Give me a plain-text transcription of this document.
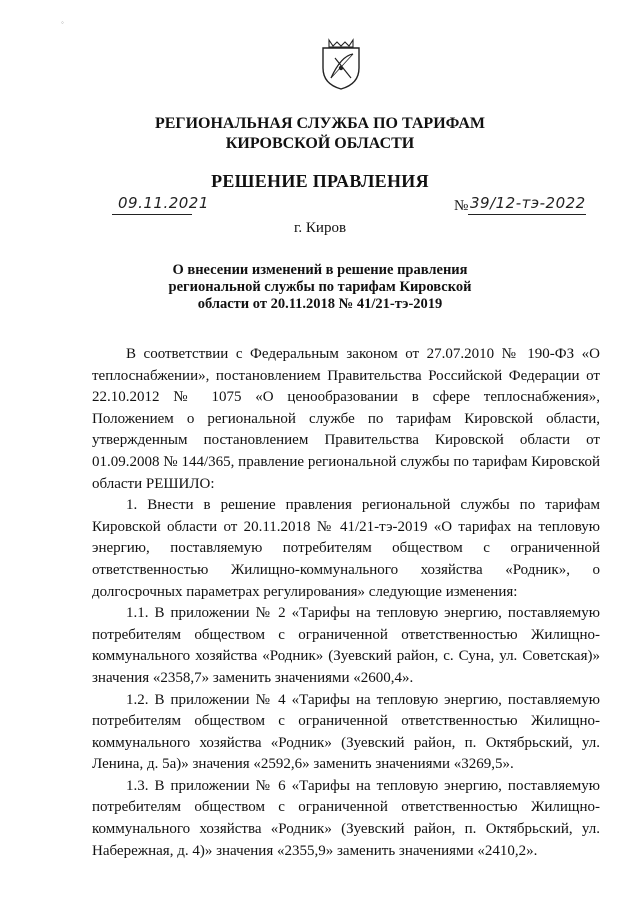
◦
РЕГИОНАЛЬНАЯ СЛУЖБА ПО ТАРИФАМ
КИРОВСКОЙ ОБЛАСТИ
РЕШЕНИЕ ПРАВЛЕНИЯ
09.11.2021	№ 39/12-тэ-2022
г. Киров
О внесении изменений в решение правления региональной службы по тарифам Кировской области от 20.11.2018 № 41/21-тэ-2019

В соответствии с Федеральным законом от 27.07.2010 № 190-ФЗ «О теплоснабжении», постановлением Правительства Российской Федерации от 22.10.2012 № 1075 «О ценообразовании в сфере теплоснабжения», Положением о региональной службе по тарифам Кировской области, утвержденным постановлением Правительства Кировской области от 01.09.2008 № 144/365, правление региональной службы по тарифам Кировской области РЕШИЛО:

1. Внести в решение правления региональной службы по тарифам Кировской области от 20.11.2018 № 41/21-тэ-2019 «О тарифах на тепловую энергию, поставляемую потребителям обществом с ограниченной ответственностью Жилищно-коммунального хозяйства «Родник», о долгосрочных параметрах регулирования» следующие изменения:

1.1. В приложении № 2 «Тарифы на тепловую энергию, поставляемую потребителям обществом с ограниченной ответственностью Жилищно-коммунального хозяйства «Родник» (Зуевский район, с. Суна, ул. Советская)» значения «2358,7» заменить значениями «2600,4».

1.2. В приложении № 4 «Тарифы на тепловую энергию, поставляемую потребителям обществом с ограниченной ответственностью Жилищно-коммунального хозяйства «Родник» (Зуевский район, п. Октябрьский, ул. Ленина, д. 5а)» значения «2592,6» заменить значениями «3269,5».

1.3. В приложении № 6 «Тарифы на тепловую энергию, поставляемую потребителям обществом с ограниченной ответственностью Жилищно-коммунального хозяйства «Родник» (Зуевский район, п. Октябрьский, ул. Набережная, д. 4)» значения «2355,9» заменить значениями «2410,2».
